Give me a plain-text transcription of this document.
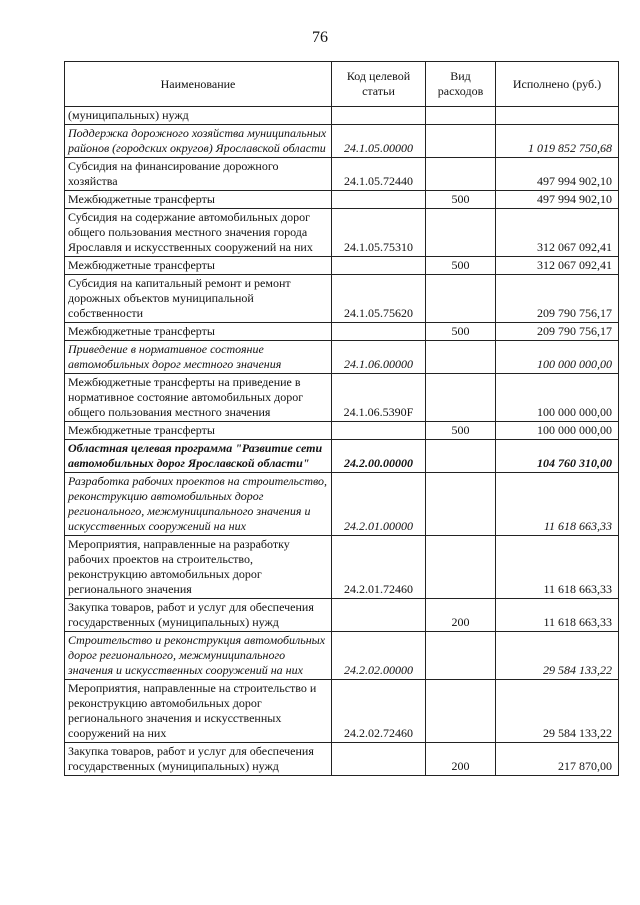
76
Наименование	Код целевой статьи	Вид расходов	Исполнено (руб.)
(муниципальных) нужд			
Поддержка дорожного хозяйства муниципальных районов (городских округов) Ярославской области	24.1.05.00000		1 019 852 750,68
Субсидия на финансирование дорожного хозяйства	24.1.05.72440		497 994 902,10
Межбюджетные трансферты		500	497 994 902,10
Субсидия на содержание автомобильных дорог общего пользования местного значения города Ярославля и искусственных сооружений на них	24.1.05.75310		312 067 092,41
Межбюджетные трансферты		500	312 067 092,41
Субсидия на капитальный ремонт и ремонт дорожных объектов муниципальной собственности	24.1.05.75620		209 790 756,17
Межбюджетные трансферты		500	209 790 756,17
Приведение в нормативное состояние автомобильных дорог местного значения	24.1.06.00000		100 000 000,00
Межбюджетные трансферты на приведение в нормативное состояние автомобильных дорог общего пользования местного значения	24.1.06.5390F		100 000 000,00
Межбюджетные трансферты		500	100 000 000,00
Областная целевая программа "Развитие сети автомобильных дорог Ярославской области"	24.2.00.00000		104 760 310,00
Разработка рабочих проектов на строительство, реконструкцию автомобильных дорог регионального, межмуниципального значения и искусственных сооружений на них	24.2.01.00000		11 618 663,33
Мероприятия, направленные на разработку рабочих проектов на строительство, реконструкцию автомобильных дорог регионального значения	24.2.01.72460		11 618 663,33
Закупка товаров, работ и услуг для обеспечения государственных (муниципальных) нужд		200	11 618 663,33
Строительство и реконструкция автомобильных дорог регионального, межмуниципального значения и искусственных сооружений на них	24.2.02.00000		29 584 133,22
Мероприятия, направленные на строительство и реконструкцию автомобильных дорог регионального значения и искусственных сооружений на них	24.2.02.72460		29 584 133,22
Закупка товаров, работ и услуг для обеспечения государственных (муниципальных) нужд		200	217 870,00
